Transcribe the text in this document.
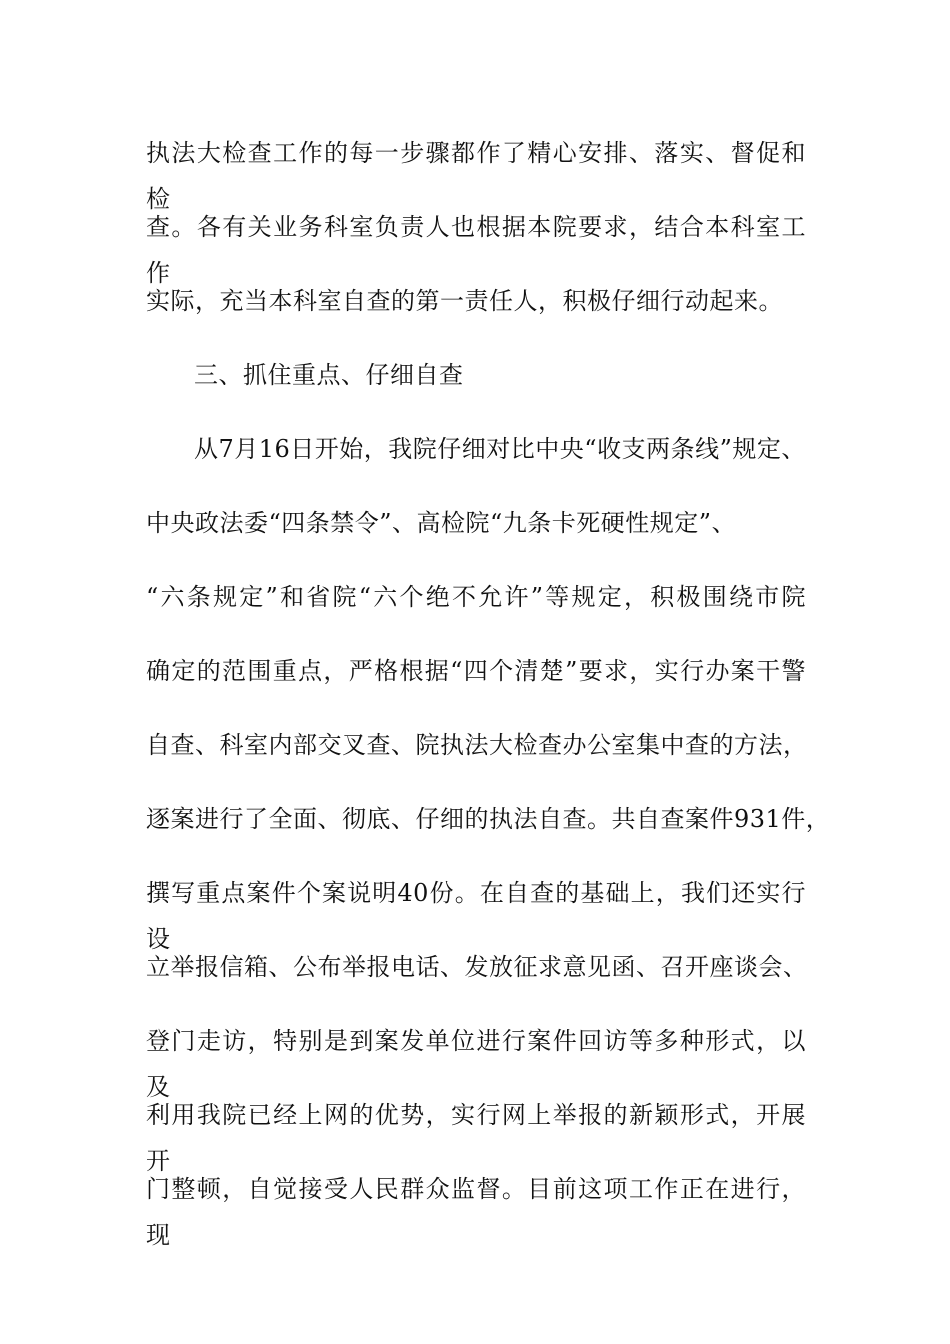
执法大检查工作的每一步骤都作了精心安排、落实、督促和检
查。各有关业务科室负责人也根据本院要求，结合本科室工作
实际，充当本科室自查的第一责任人，积极仔细行动起来。
三、抓住重点、仔细自查
从7月16日开始，我院仔细对比中央“收支两条线”规定、
中央政法委“四条禁令”、高检院“九条卡死硬性规定”、
“六条规定”和省院“六个绝不允许”等规定，积极围绕市院
确定的范围重点，严格根据“四个清楚”要求，实行办案干警
自查、科室内部交叉查、院执法大检查办公室集中查的方法，
逐案进行了全面、彻底、仔细的执法自查。共自查案件931件，
撰写重点案件个案说明40份。在自查的基础上，我们还实行设
立举报信箱、公布举报电话、发放征求意见函、召开座谈会、
登门走访，特别是到案发单位进行案件回访等多种形式，以及
利用我院已经上网的优势，实行网上举报的新颖形式，开展开
门整顿，自觉接受人民群众监督。目前这项工作正在进行，现
